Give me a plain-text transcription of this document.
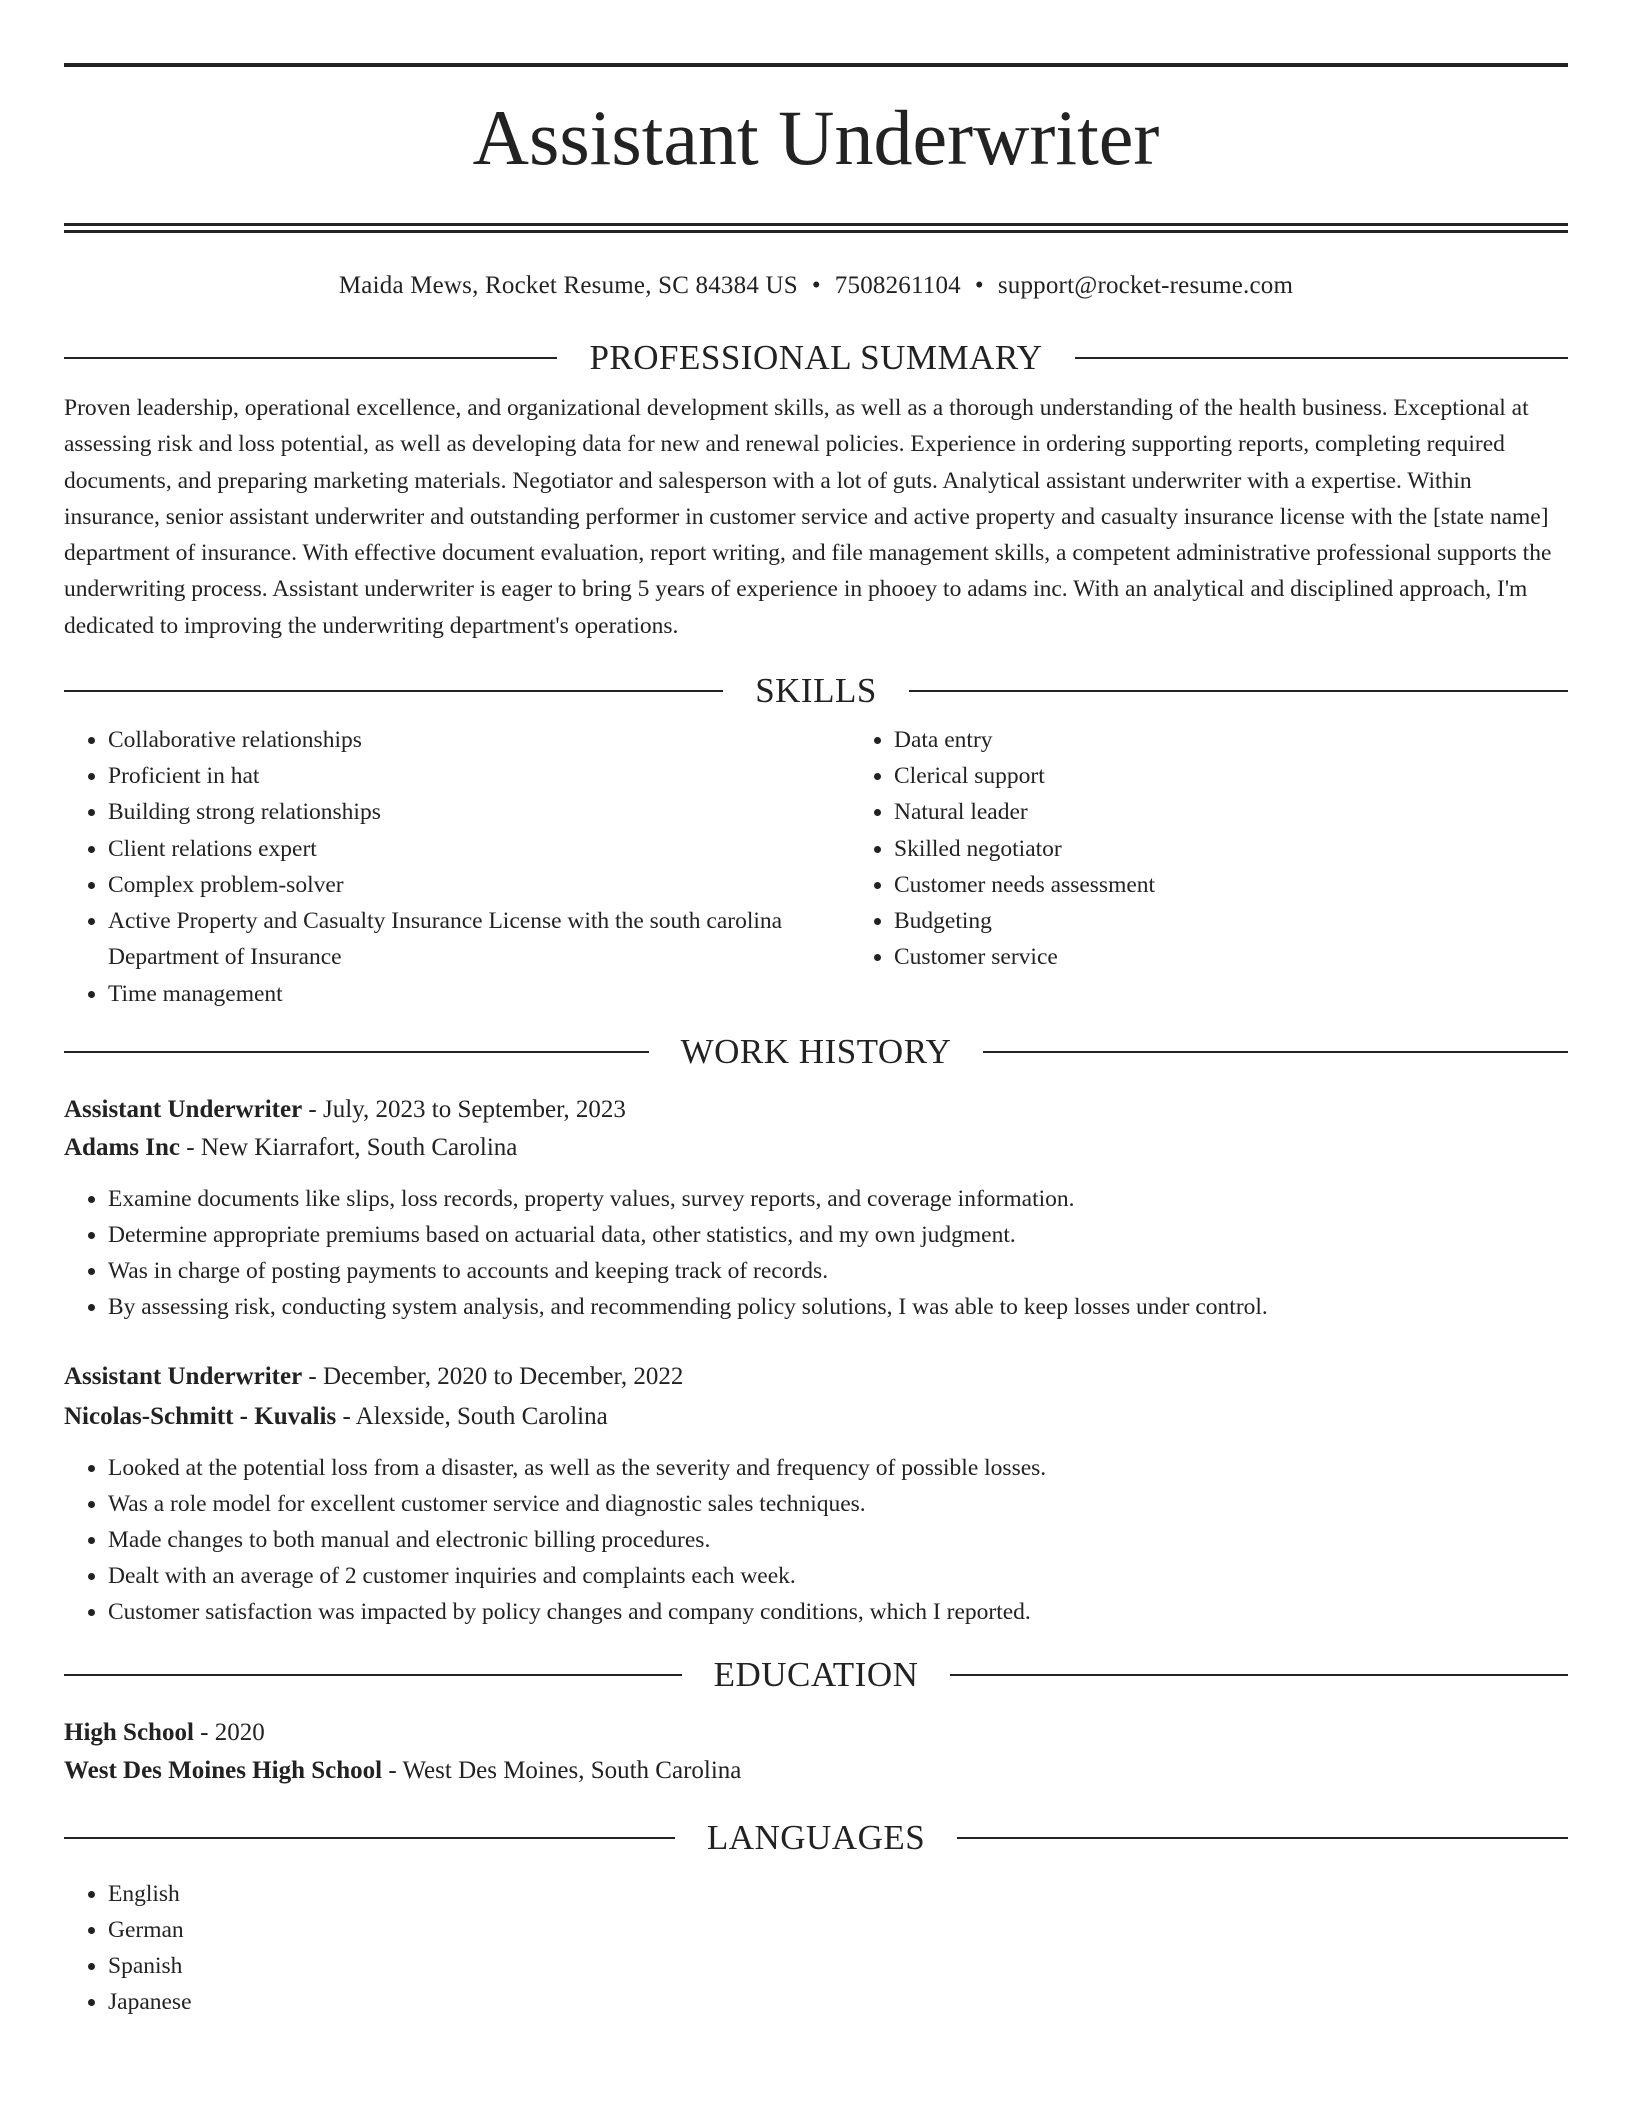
Assistant Underwriter
Maida Mews, Rocket Resume, SC 84384 US • 7508261104 • support@rocket-resume.com
PROFESSIONAL SUMMARY

Proven leadership, operational excellence, and organizational development skills, as well as a thorough understanding of the health business. Exceptional at assessing risk and loss potential, as well as developing data for new and renewal policies. Experience in ordering supporting reports, completing required documents, and preparing marketing materials. Negotiator and salesperson with a lot of guts. Analytical assistant underwriter with a expertise. Within insurance, senior assistant underwriter and outstanding performer in customer service and active property and casualty insurance license with the [state name] department of insurance. With effective document evaluation, report writing, and file management skills, a competent administrative professional supports the underwriting process. Assistant underwriter is eager to bring 5 years of experience in phooey to adams inc. With an analytical and disciplined approach, I'm dedicated to improving the underwriting department's operations.

SKILLS
• Collaborative relationships
• Proficient in hat
• Building strong relationships
• Client relations expert
• Complex problem-solver
• Active Property and Casualty Insurance License with the south carolina Department of Insurance
• Time management
• Data entry
• Clerical support
• Natural leader
• Skilled negotiator
• Customer needs assessment
• Budgeting
• Customer service
WORK HISTORY
Assistant Underwriter - July, 2023 to September, 2023
Adams Inc - New Kiarrafort, South Carolina
• Examine documents like slips, loss records, property values, survey reports, and coverage information.
• Determine appropriate premiums based on actuarial data, other statistics, and my own judgment.
• Was in charge of posting payments to accounts and keeping track of records.
• By assessing risk, conducting system analysis, and recommending policy solutions, I was able to keep losses under control.
Assistant Underwriter - December, 2020 to December, 2022
Nicolas-Schmitt - Kuvalis - Alexside, South Carolina
• Looked at the potential loss from a disaster, as well as the severity and frequency of possible losses.
• Was a role model for excellent customer service and diagnostic sales techniques.
• Made changes to both manual and electronic billing procedures.
• Dealt with an average of 2 customer inquiries and complaints each week.
• Customer satisfaction was impacted by policy changes and company conditions, which I reported.
EDUCATION
High School - 2020
West Des Moines High School - West Des Moines, South Carolina
LANGUAGES
• English
• German
• Spanish
• Japanese
